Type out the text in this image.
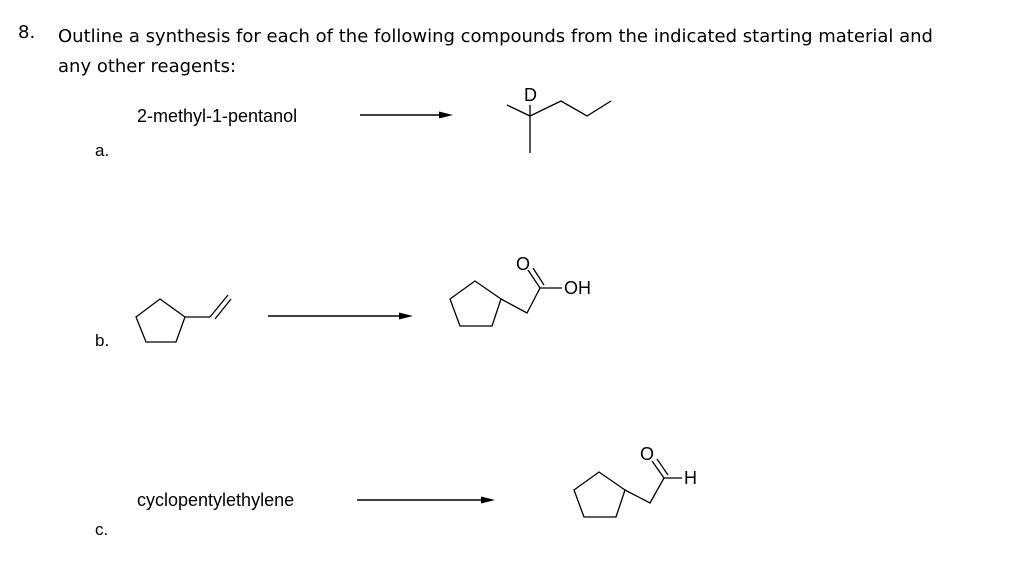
8. Outline a synthesis for each of the following compounds from the indicated starting material and any other reagents:
a.
2-methyl-1-pentanol
D
b.
O
OH
c.
cyclopentylethylene
O
H
